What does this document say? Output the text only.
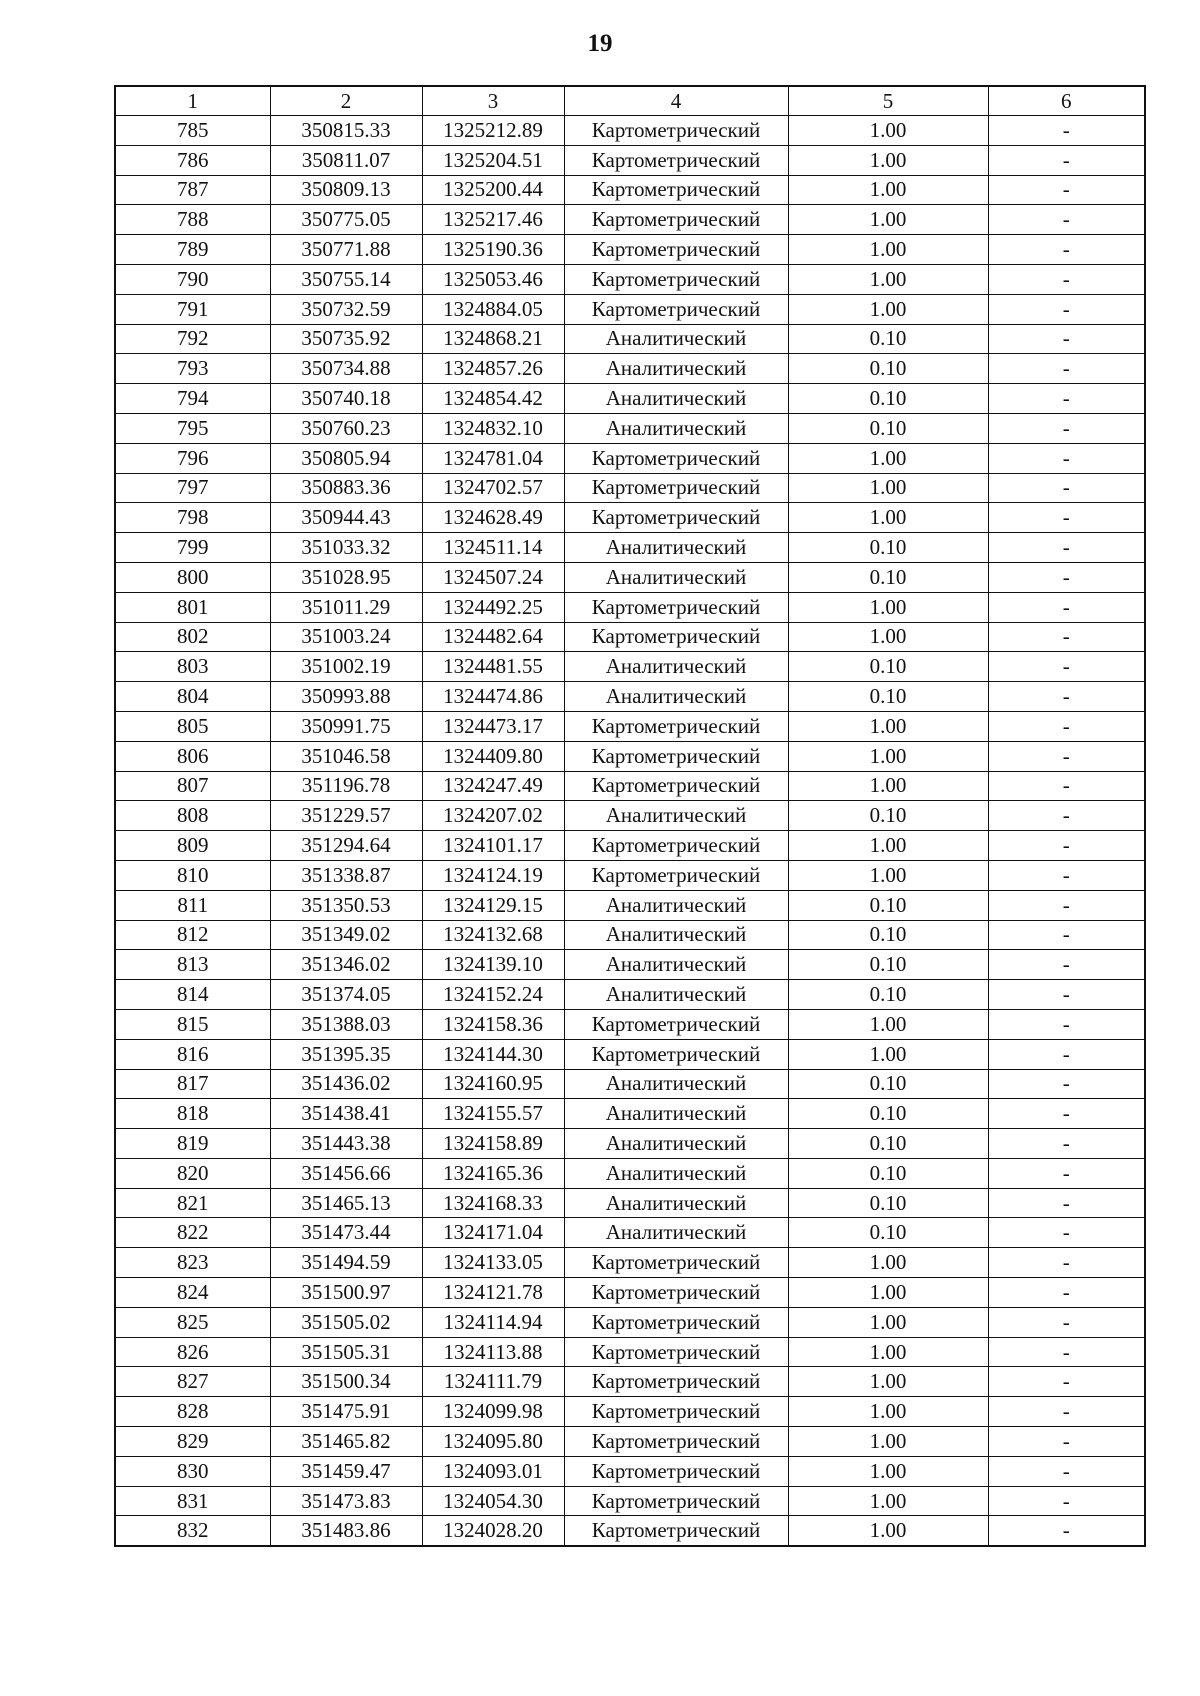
19
1	2	3	4	5	6
785	350815.33	1325212.89	Картометрический	1.00	-
786	350811.07	1325204.51	Картометрический	1.00	-
787	350809.13	1325200.44	Картометрический	1.00	-
788	350775.05	1325217.46	Картометрический	1.00	-
789	350771.88	1325190.36	Картометрический	1.00	-
790	350755.14	1325053.46	Картометрический	1.00	-
791	350732.59	1324884.05	Картометрический	1.00	-
792	350735.92	1324868.21	Аналитический	0.10	-
793	350734.88	1324857.26	Аналитический	0.10	-
794	350740.18	1324854.42	Аналитический	0.10	-
795	350760.23	1324832.10	Аналитический	0.10	-
796	350805.94	1324781.04	Картометрический	1.00	-
797	350883.36	1324702.57	Картометрический	1.00	-
798	350944.43	1324628.49	Картометрический	1.00	-
799	351033.32	1324511.14	Аналитический	0.10	-
800	351028.95	1324507.24	Аналитический	0.10	-
801	351011.29	1324492.25	Картометрический	1.00	-
802	351003.24	1324482.64	Картометрический	1.00	-
803	351002.19	1324481.55	Аналитический	0.10	-
804	350993.88	1324474.86	Аналитический	0.10	-
805	350991.75	1324473.17	Картометрический	1.00	-
806	351046.58	1324409.80	Картометрический	1.00	-
807	351196.78	1324247.49	Картометрический	1.00	-
808	351229.57	1324207.02	Аналитический	0.10	-
809	351294.64	1324101.17	Картометрический	1.00	-
810	351338.87	1324124.19	Картометрический	1.00	-
811	351350.53	1324129.15	Аналитический	0.10	-
812	351349.02	1324132.68	Аналитический	0.10	-
813	351346.02	1324139.10	Аналитический	0.10	-
814	351374.05	1324152.24	Аналитический	0.10	-
815	351388.03	1324158.36	Картометрический	1.00	-
816	351395.35	1324144.30	Картометрический	1.00	-
817	351436.02	1324160.95	Аналитический	0.10	-
818	351438.41	1324155.57	Аналитический	0.10	-
819	351443.38	1324158.89	Аналитический	0.10	-
820	351456.66	1324165.36	Аналитический	0.10	-
821	351465.13	1324168.33	Аналитический	0.10	-
822	351473.44	1324171.04	Аналитический	0.10	-
823	351494.59	1324133.05	Картометрический	1.00	-
824	351500.97	1324121.78	Картометрический	1.00	-
825	351505.02	1324114.94	Картометрический	1.00	-
826	351505.31	1324113.88	Картометрический	1.00	-
827	351500.34	1324111.79	Картометрический	1.00	-
828	351475.91	1324099.98	Картометрический	1.00	-
829	351465.82	1324095.80	Картометрический	1.00	-
830	351459.47	1324093.01	Картометрический	1.00	-
831	351473.83	1324054.30	Картометрический	1.00	-
832	351483.86	1324028.20	Картометрический	1.00	-
